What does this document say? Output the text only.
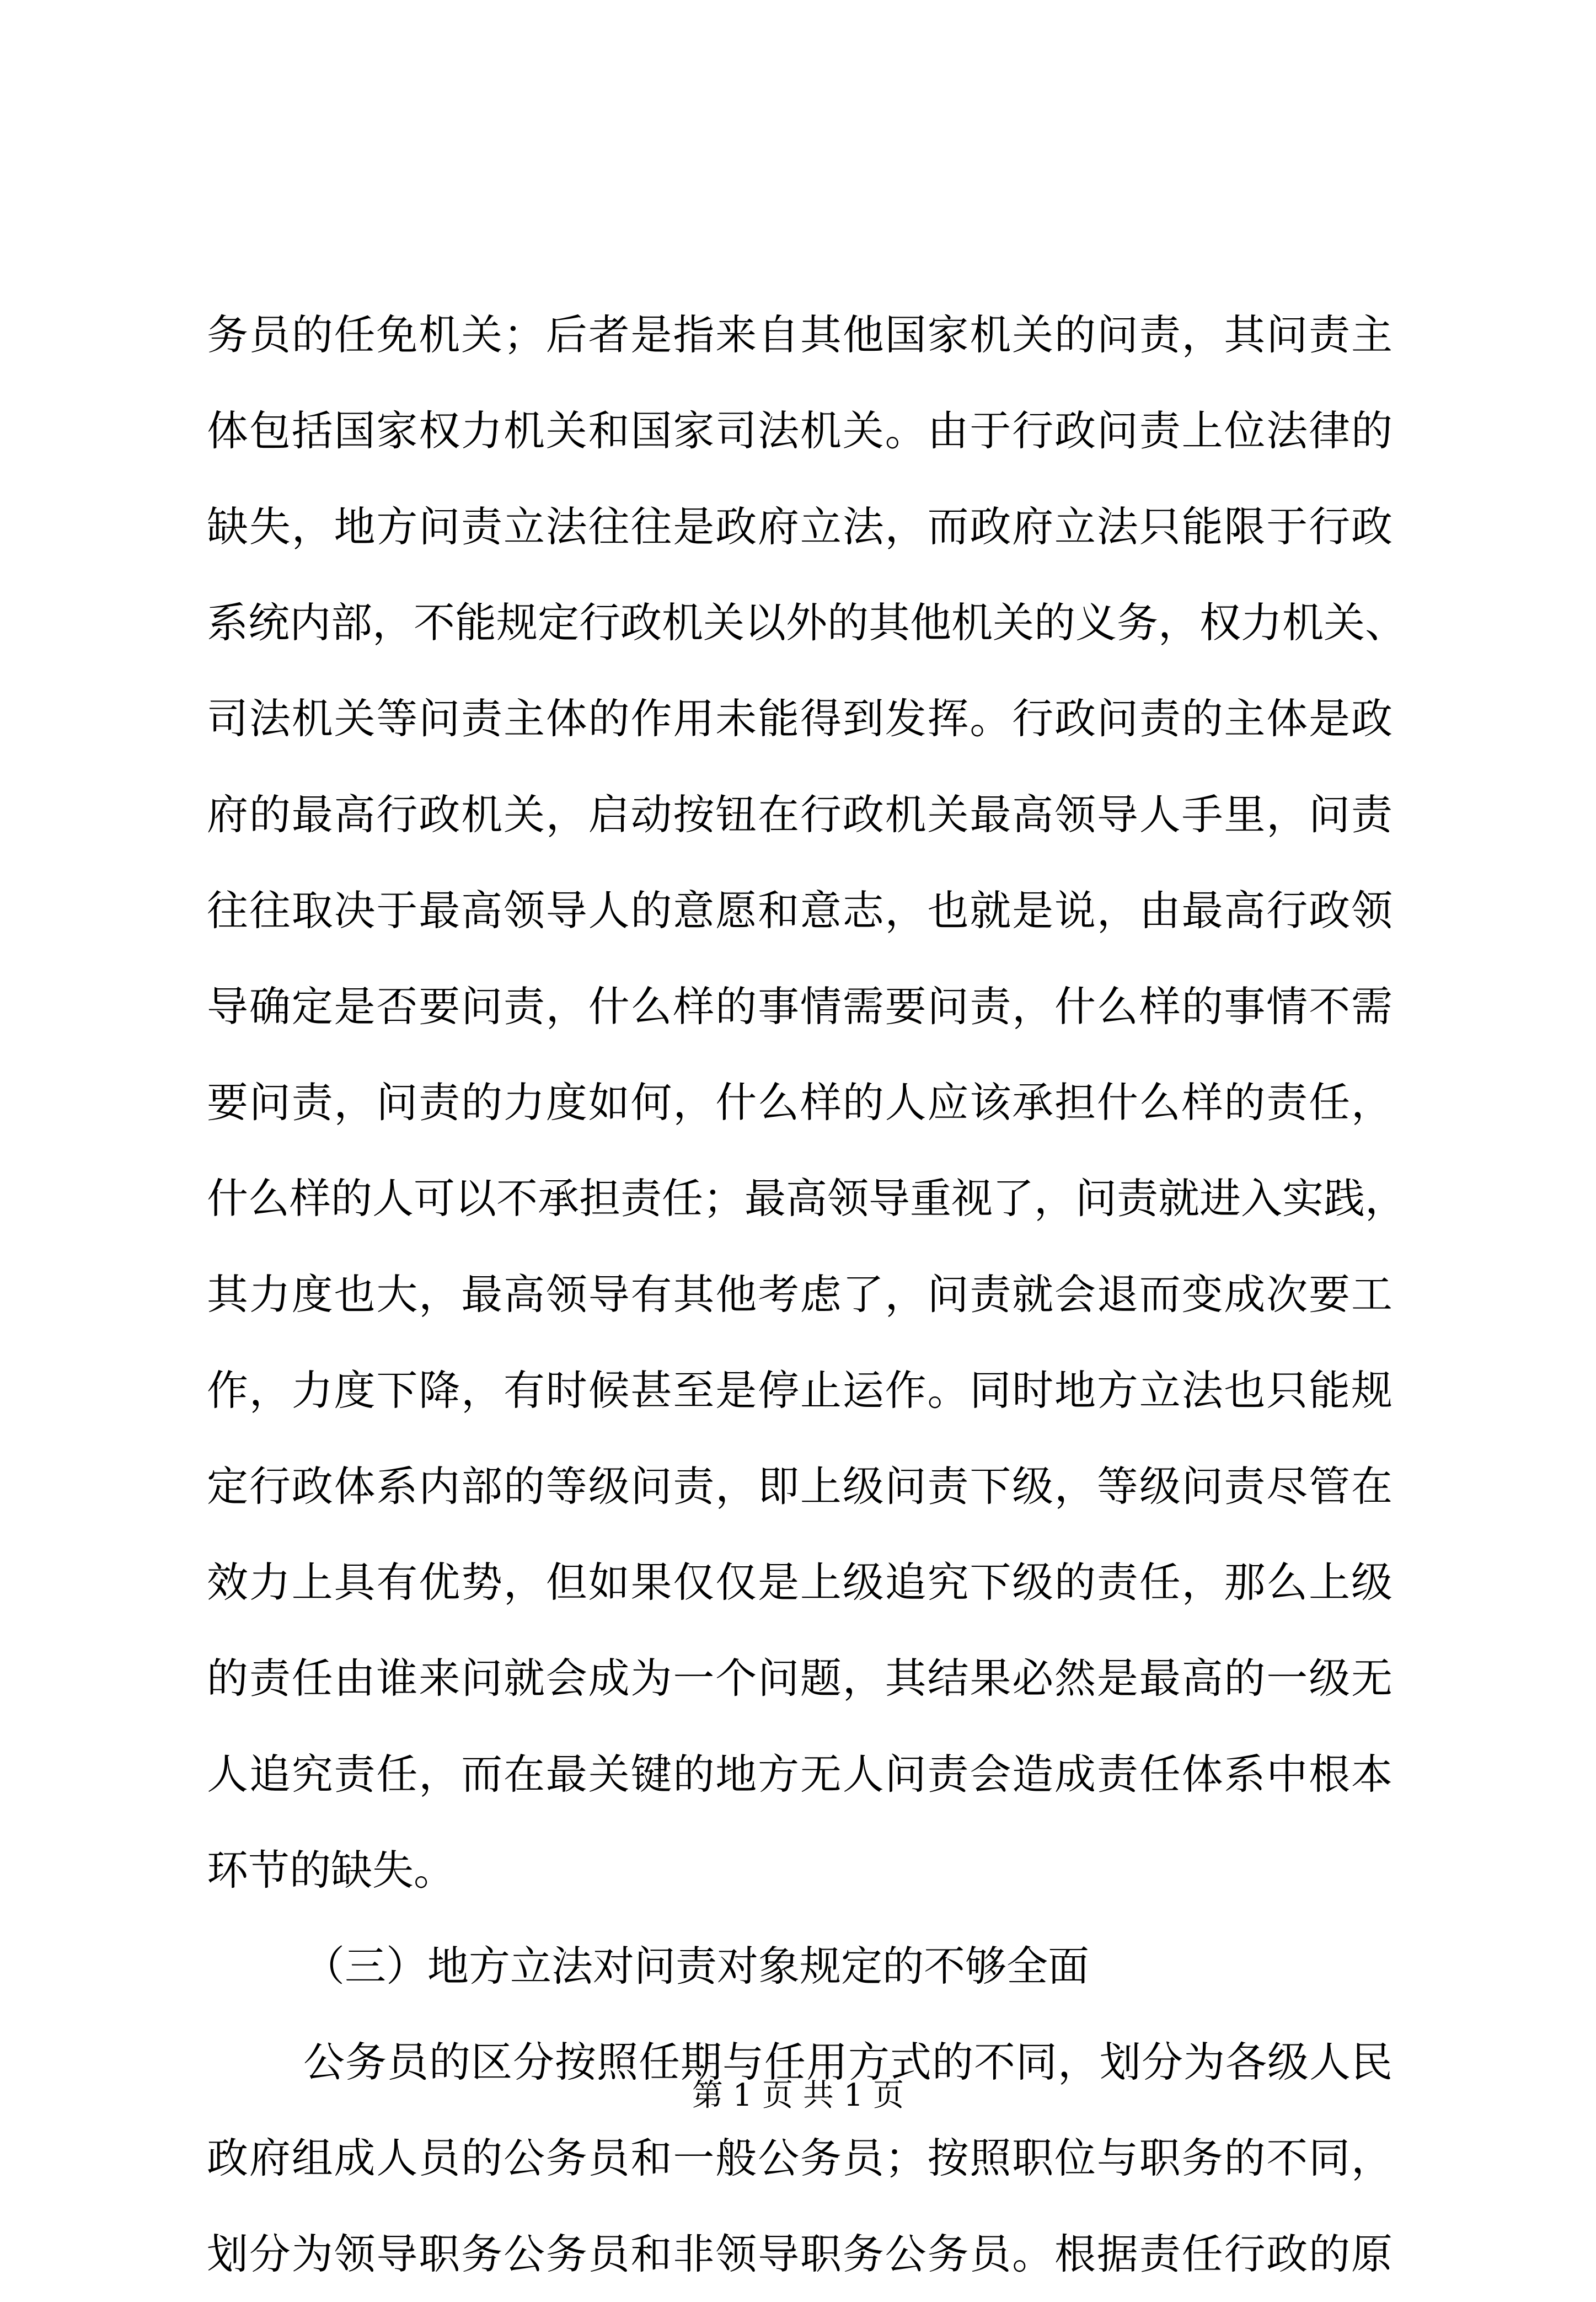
务员的任免机关；后者是指来自其他国家机关的问责，其问责主
体包括国家权力机关和国家司法机关。由于行政问责上位法律的
缺失，地方问责立法往往是政府立法，而政府立法只能限于行政
系统内部，不能规定行政机关以外的其他机关的义务，权力机关、
司法机关等问责主体的作用未能得到发挥。行政问责的主体是政
府的最高行政机关，启动按钮在行政机关最高领导人手里，问责
往往取决于最高领导人的意愿和意志，也就是说，由最高行政领
导确定是否要问责，什么样的事情需要问责，什么样的事情不需
要问责，问责的力度如何，什么样的人应该承担什么样的责任，
什么样的人可以不承担责任；最高领导重视了，问责就进入实践，
其力度也大，最高领导有其他考虑了，问责就会退而变成次要工
作，力度下降，有时候甚至是停止运作。同时地方立法也只能规
定行政体系内部的等级问责，即上级问责下级，等级问责尽管在
效力上具有优势，但如果仅仅是上级追究下级的责任，那么上级
的责任由谁来问就会成为一个问题，其结果必然是最高的一级无
人追究责任，而在最关键的地方无人问责会造成责任体系中根本
环节的缺失。
（三）地方立法对问责对象规定的不够全面
公务员的区分按照任期与任用方式的不同，划分为各级人民
政府组成人员的公务员和一般公务员；按照职位与职务的不同，
划分为领导职务公务员和非领导职务公务员。根据责任行政的原
第 1 页 共 1 页
